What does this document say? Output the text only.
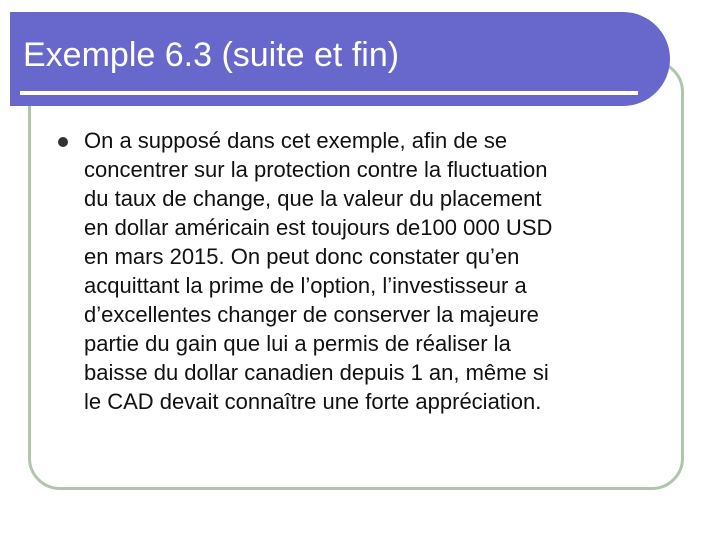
Exemple 6.3 (suite et fin)
On a supposé dans cet exemple, afin de se
concentrer sur la protection contre la fluctuation
du taux de change, que la valeur du placement
en dollar américain est toujours de100 000 USD
en mars 2015. On peut donc constater qu’en
acquittant la prime de l’option, l’investisseur a
d’excellentes changer de conserver la majeure
partie du gain que lui a permis de réaliser la
baisse du dollar canadien depuis 1 an, même si
le CAD devait connaître une forte appréciation.
